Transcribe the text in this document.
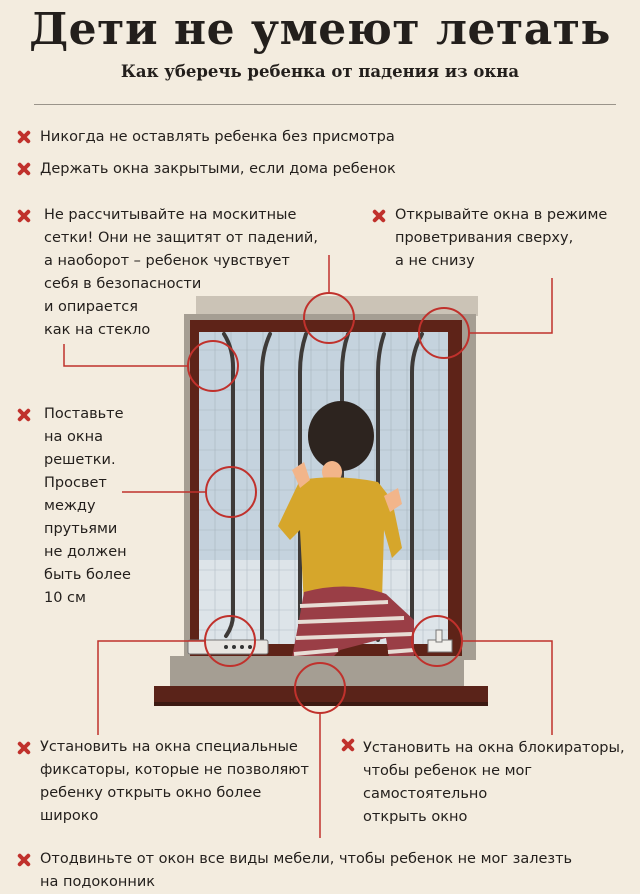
Дети не умеют летать
Как уберечь ребенка от падения из окна
Никогда не оставлять ребенка без присмотра
Держать окна закрытыми, если дома ребенок
Не рассчитывайте на москитные
сетки! Они не защитят от падений,
а наоборот – ребенок чувствует
себя в безопасности
и опирается
как на стекло
Открывайте окна в режиме
проветривания сверху,
а не снизу
Поставьте
на окна
решетки.
Просвет
между
прутьями
не должен
быть более
10 см
Установить на окна специальные
фиксаторы, которые не позволяют
ребенку открыть окно более
широко
Установить на окна блокираторы,
чтобы ребенок не мог
самостоятельно
открыть окно
Отодвиньте от окон все виды мебели, чтобы ребенок не мог залезть
на подоконник
